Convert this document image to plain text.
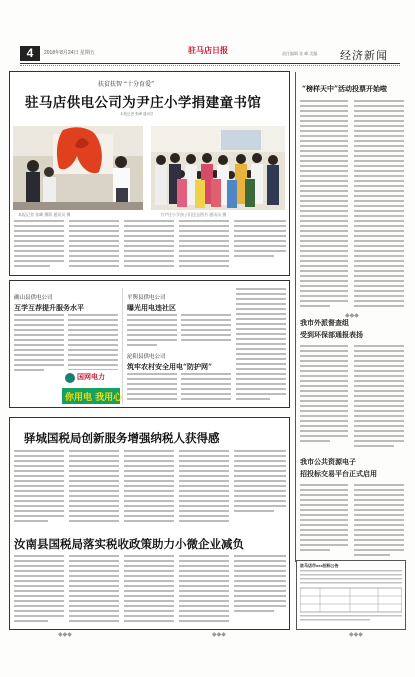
4	2018年8月24日 星期五	驻马店日报	责任编辑 张 峰 美编 经济新闻
扶贫扶智 “十分育爱”
驻马店供电公司为尹庄小学捐建童书馆
本报记者 张峰 通讯员
本报记者 张峰 摄影 通讯员 摄	为尹庄小学孩子们送去图书 通讯员 摄
“榜样天中”活动投票开始啦
◆◆◆
确山县供电公司
互学互荐提升服务水平
国网电力
你用电 我用心
平舆县供电公司
曝光用电违社区
泌阳县供电公司
筑牢农村安全用电“防护网”
我市外派督查组
受到环保部通报表扬
我市公共资源电子
招投标交易平台正式启用
驿城国税局创新服务增强纳税人获得感
汝南县国税局落实税收政策助力小微企业减负
驻马店市xxx招标公告
◆◆◆	◆◆◆	◆◆◆
